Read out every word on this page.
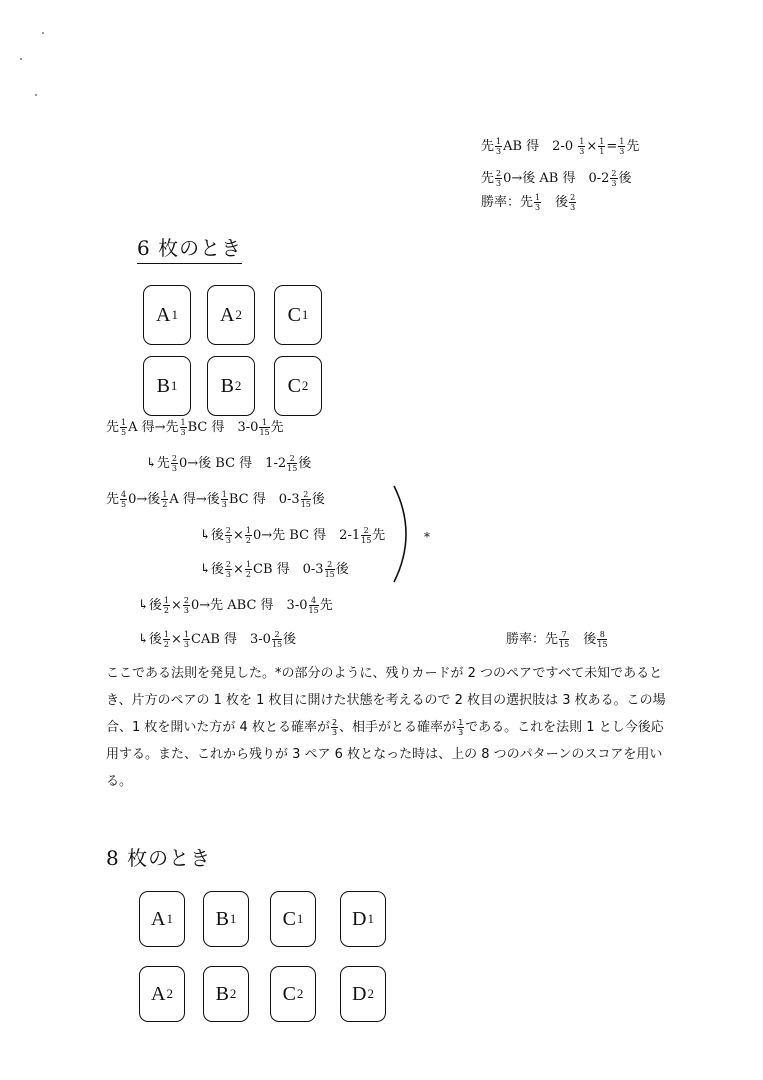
先 $\frac{1}{3}$ AB 得　$2-0 \frac{1}{3} \times \frac{1}{1} = \frac{1}{3}$ 先
先 $\frac{2}{3} 0\to$後 AB 得　$0-2 \frac{2}{3}$ 後
勝率：先 $\frac{1}{3}$
　 後 $\frac{2}{3}$
6 枚のとき
A 1 A 2 C 1
B 1 B 2 C 2
先 $\frac{1}{5}$ A 得→先 $\frac{1}{3}$ BC 得　$3-0 \frac{1}{15}$ 先
↳先 $\frac{2}{3} 0\to$後 BC 得　$1-2 \frac{2}{15}$ 後
先 $\frac{4}{5} 0\to$後 $\frac{1}{2}$ A 得→後 $\frac{1}{3}$ BC 得　$0-3 \frac{2}{15}$ 後
↳後 $\frac{2}{3} \times \frac{1}{2} 0\to$先 BC 得　$2-1 \frac{2}{15}$ 先
↳後 $\frac{2}{3} \times \frac{1}{2}$ CB 得　$0-3 \frac{2}{15}$ 後
↳後 $\frac{1}{2} \times \frac{2}{3} 0\to$先 ABC 得　$3-0 \frac{4}{15}$ 先
↳後 $\frac{1}{2} \times \frac{1}{3}$ CAB 得　$3-0 \frac{2}{15}$ 後
*
勝率：先 $\frac{7}{15}$
　 後 $\frac{8}{15}$
ここである法則を発見した。*の部分のように、残りカードが 2 つのペアですべて未知であると
き、片方のペアの 1 枚を 1 枚目に開けた状態を考えるので 2 枚目の選択肢は 3 枚ある。この場
合、1 枚を開いた方が 4 枚とる確率が $\frac{2}{3}$ 、相手がとる確率が $\frac{1}{3}$ である。これを法則 1 とし今後応
用する。また、これから残りが 3 ペア 6 枚となった時は、上の 8 つのパターンのスコアを用い
る。
8 枚のとき
A 1 B 1 C 1 D 1
A 2 B 2 C 2 D 2
